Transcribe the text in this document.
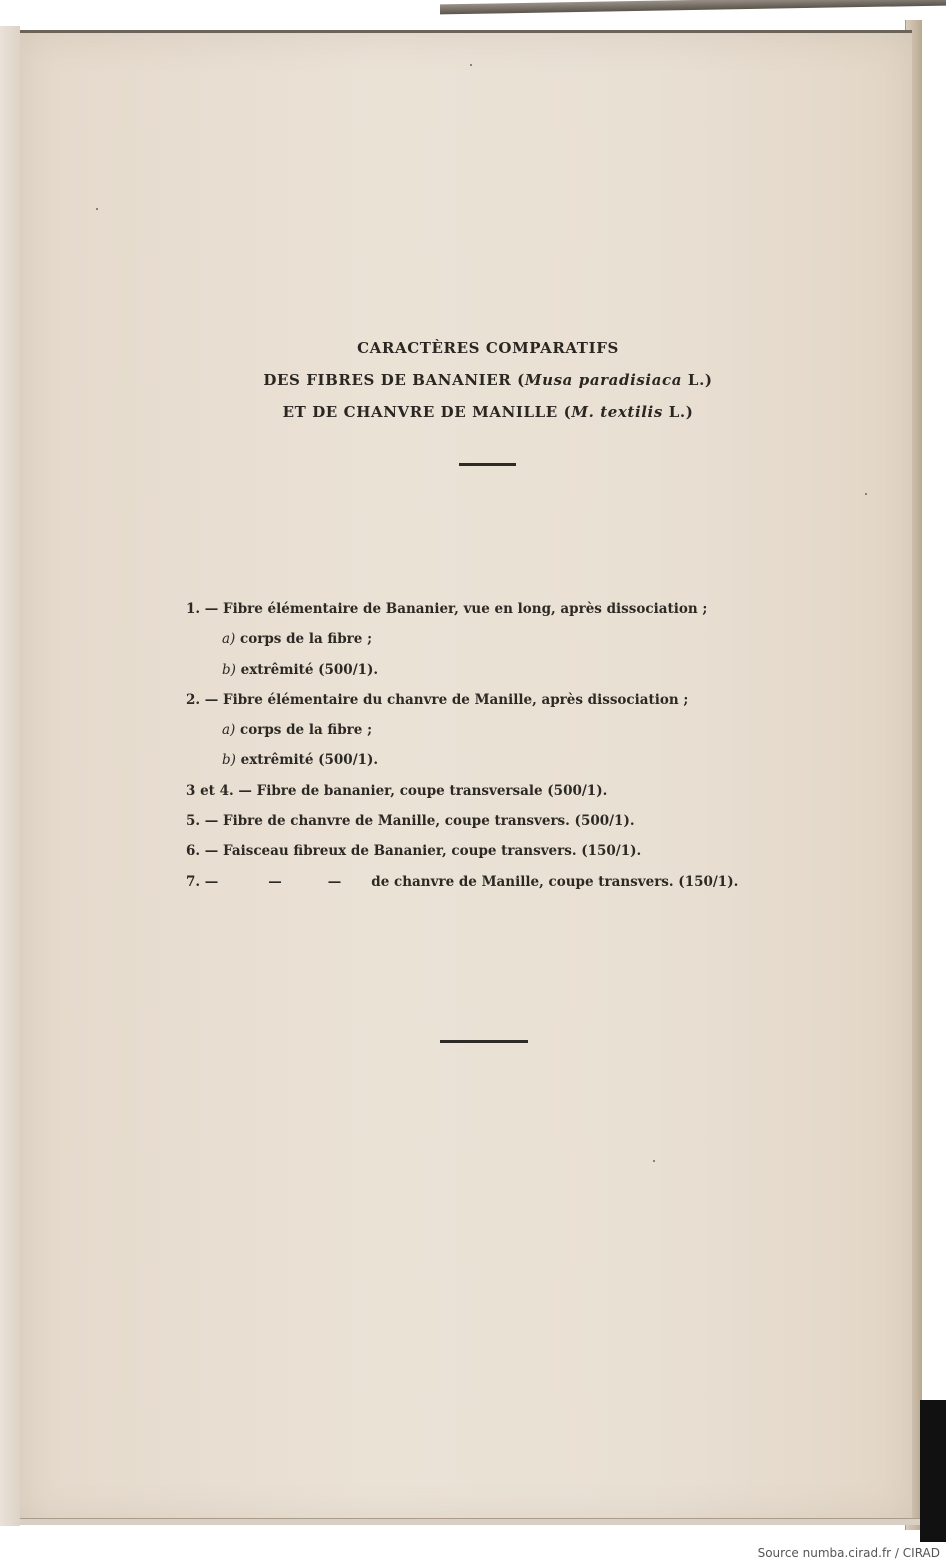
CARACTÈRES COMPARATIFS
DES FIBRES DE BANANIER (Musa paradisiaca L.)
ET DE CHANVRE DE MANILLE (M. textilis L.)
1. — Fibre élémentaire de Bananier, vue en long, après dissociation ;
a) corps de la fibre ;
b) extrêmité (500/1).
2. — Fibre élémentaire du chanvre de Manille, après dissociation ;
a) corps de la fibre ;
b) extrêmité (500/1).
3 et 4. — Fibre de bananier, coupe transversale (500/1).
5. — Fibre de chanvre de Manille, coupe transvers. (500/1).
6. — Faisceau fibreux de Bananier, coupe transvers. (150/1).
7. —	—	— de chanvre de Manille, coupe transvers. (150/1).
Source numba.cirad.fr / CIRAD
